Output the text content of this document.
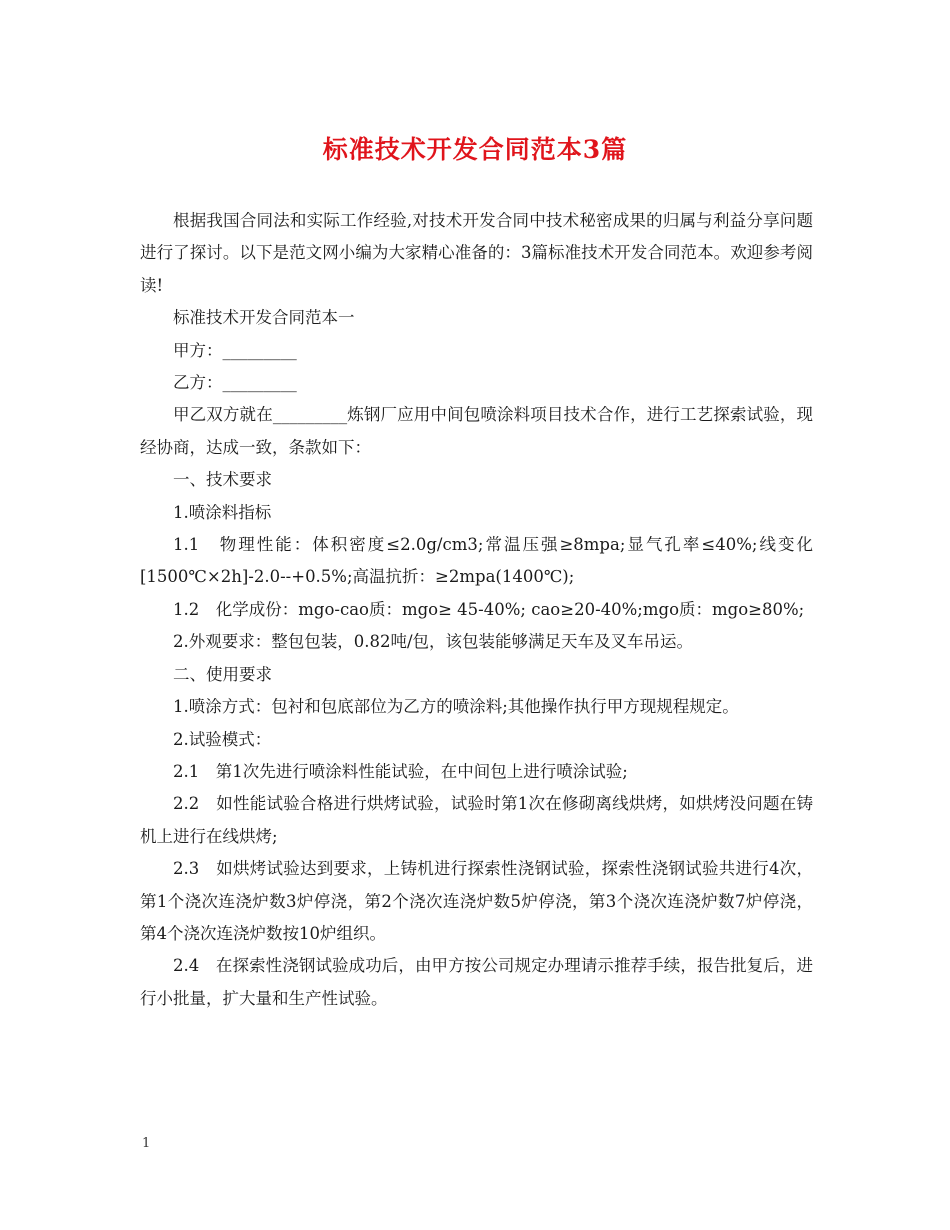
标准技术开发合同范本3篇

根据我国合同法和实际工作经验,对技术开发合同中技术秘密成果的归属与利益分享问题进行了探讨。以下是范文网小编为大家精心准备的：3篇标准技术开发合同范本。欢迎参考阅读!

标准技术开发合同范本一

甲方：_________

乙方：_________

甲乙双方就在_________炼钢厂应用中间包喷涂料项目技术合作，进行工艺探索试验，现经协商，达成一致，条款如下：

一、技术要求

1.喷涂料指标

1.1　物理性能：体积密度≤2.0g/cm3;常温压强≥8mpa;显气孔率≤40%;线变化[1500℃×2h]-2.0--+0.5%;高温抗折：≥2mpa(1400℃);

1.2　化学成份：mgo-cao质：mgo≥ 45-40%; cao≥20-40%;mgo质：mgo≥80%;

2.外观要求：整包包装，0.82吨/包，该包装能够满足天车及叉车吊运。

二、使用要求

1.喷涂方式：包衬和包底部位为乙方的喷涂料;其他操作执行甲方现规程规定。

2.试验模式：

2.1　第1次先进行喷涂料性能试验，在中间包上进行喷涂试验;

2.2　如性能试验合格进行烘烤试验，试验时第1次在修砌离线烘烤，如烘烤没问题在铸机上进行在线烘烤;

2.3　如烘烤试验达到要求，上铸机进行探索性浇钢试验，探索性浇钢试验共进行4次，第1个浇次连浇炉数3炉停浇，第2个浇次连浇炉数5炉停浇，第3个浇次连浇炉数7炉停浇，第4个浇次连浇炉数按10炉组织。

2.4　在探索性浇钢试验成功后，由甲方按公司规定办理请示推荐手续，报告批复后，进行小批量，扩大量和生产性试验。

1
